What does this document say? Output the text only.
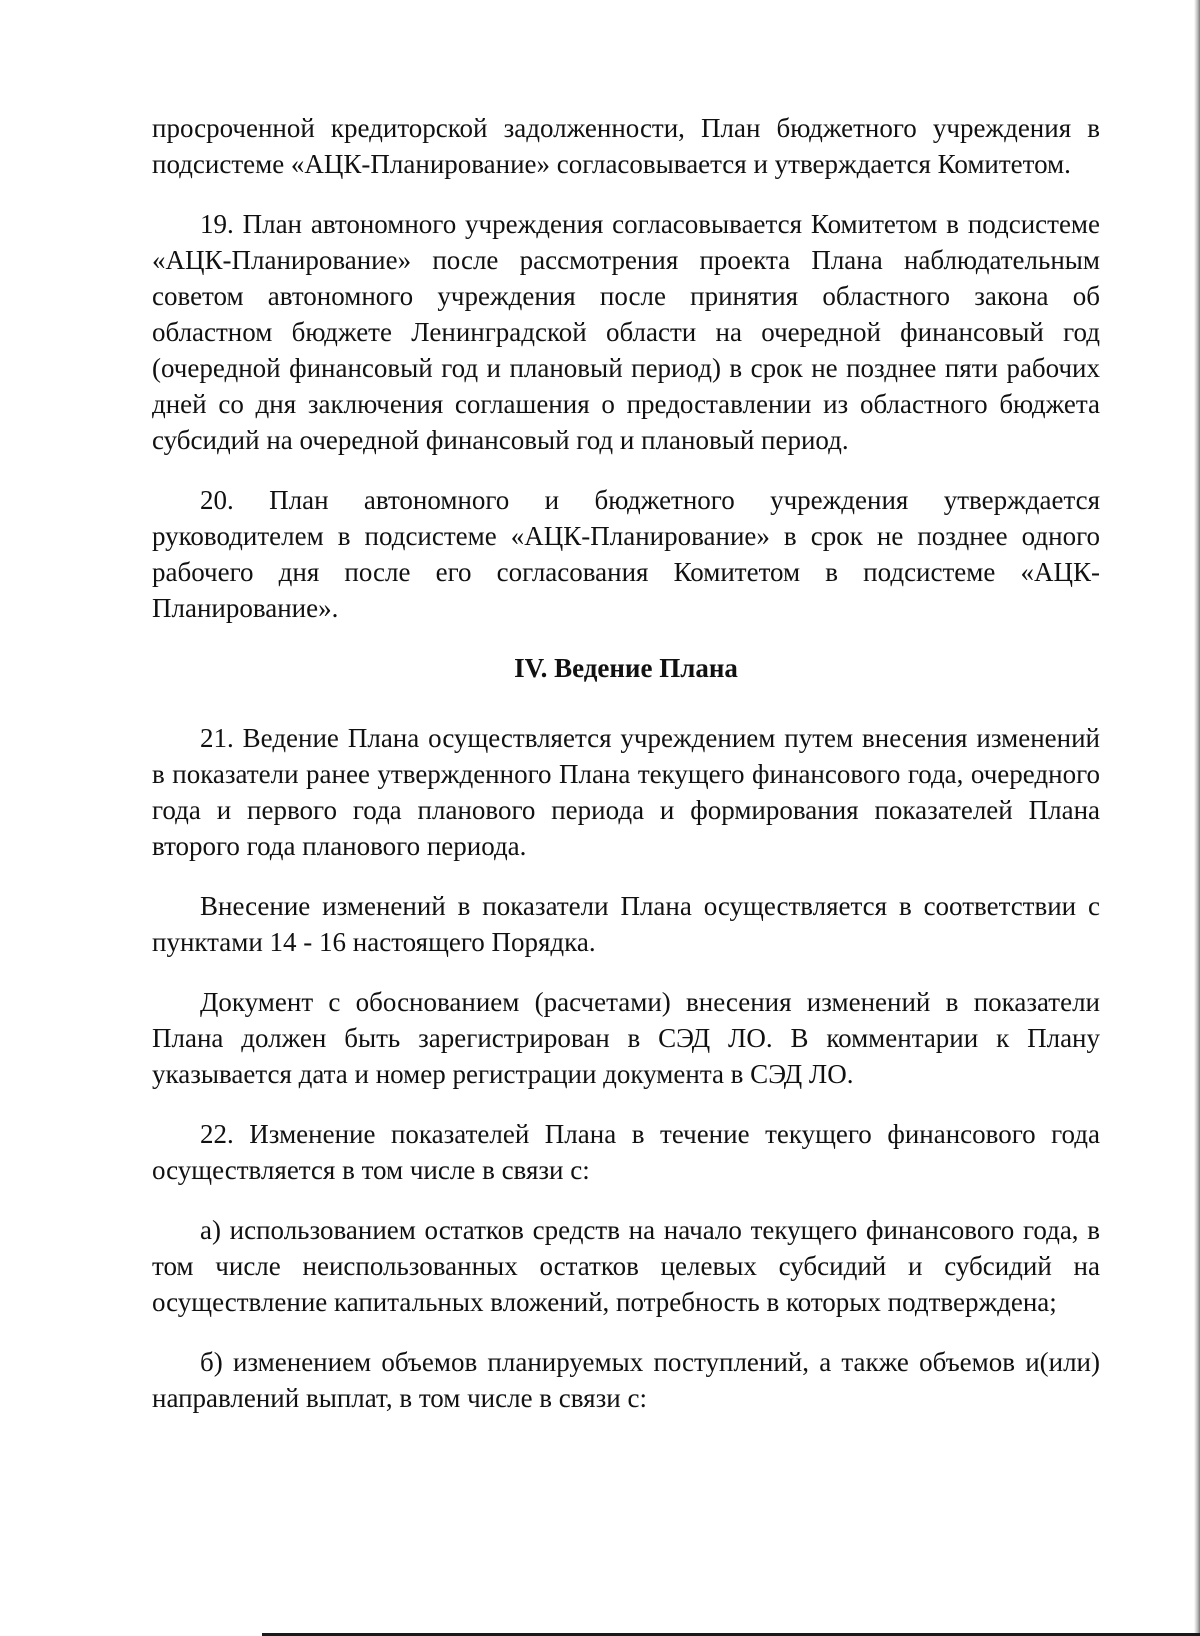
просроченной кредиторской задолженности, План бюджетного учреждения в подсистеме «АЦК-Планирование» согласовывается и утверждается Комитетом.

19. План автономного учреждения согласовывается Комитетом в подсистеме «АЦК-Планирование» после рассмотрения проекта Плана наблюдательным советом автономного учреждения после принятия областного закона об областном бюджете Ленинградской области на очередной финансовый год (очередной финансовый год и плановый период) в срок не позднее пяти рабочих дней со дня заключения соглашения о предоставлении из областного бюджета субсидий на очередной финансовый год и плановый период.

20. План автономного и бюджетного учреждения утверждается руководителем в подсистеме «АЦК-Планирование» в срок не позднее одного рабочего дня после его согласования Комитетом в подсистеме «АЦК-Планирование».

IV. Ведение Плана

21. Ведение Плана осуществляется учреждением путем внесения изменений в показатели ранее утвержденного Плана текущего финансового года, очередного года и первого года планового периода и формирования показателей Плана второго года планового периода.

Внесение изменений в показатели Плана осуществляется в соответствии с пунктами 14 - 16 настоящего Порядка.

Документ с обоснованием (расчетами) внесения изменений в показатели Плана должен быть зарегистрирован в СЭД ЛО. В комментарии к Плану указывается дата и номер регистрации документа в СЭД ЛО.

22. Изменение показателей Плана в течение текущего финансового года осуществляется в том числе в связи с:

а) использованием остатков средств на начало текущего финансового года, в том числе неиспользованных остатков целевых субсидий и субсидий на осуществление капитальных вложений, потребность в которых подтверждена;

б) изменением объемов планируемых поступлений, а также объемов и(или) направлений выплат, в том числе в связи с:
